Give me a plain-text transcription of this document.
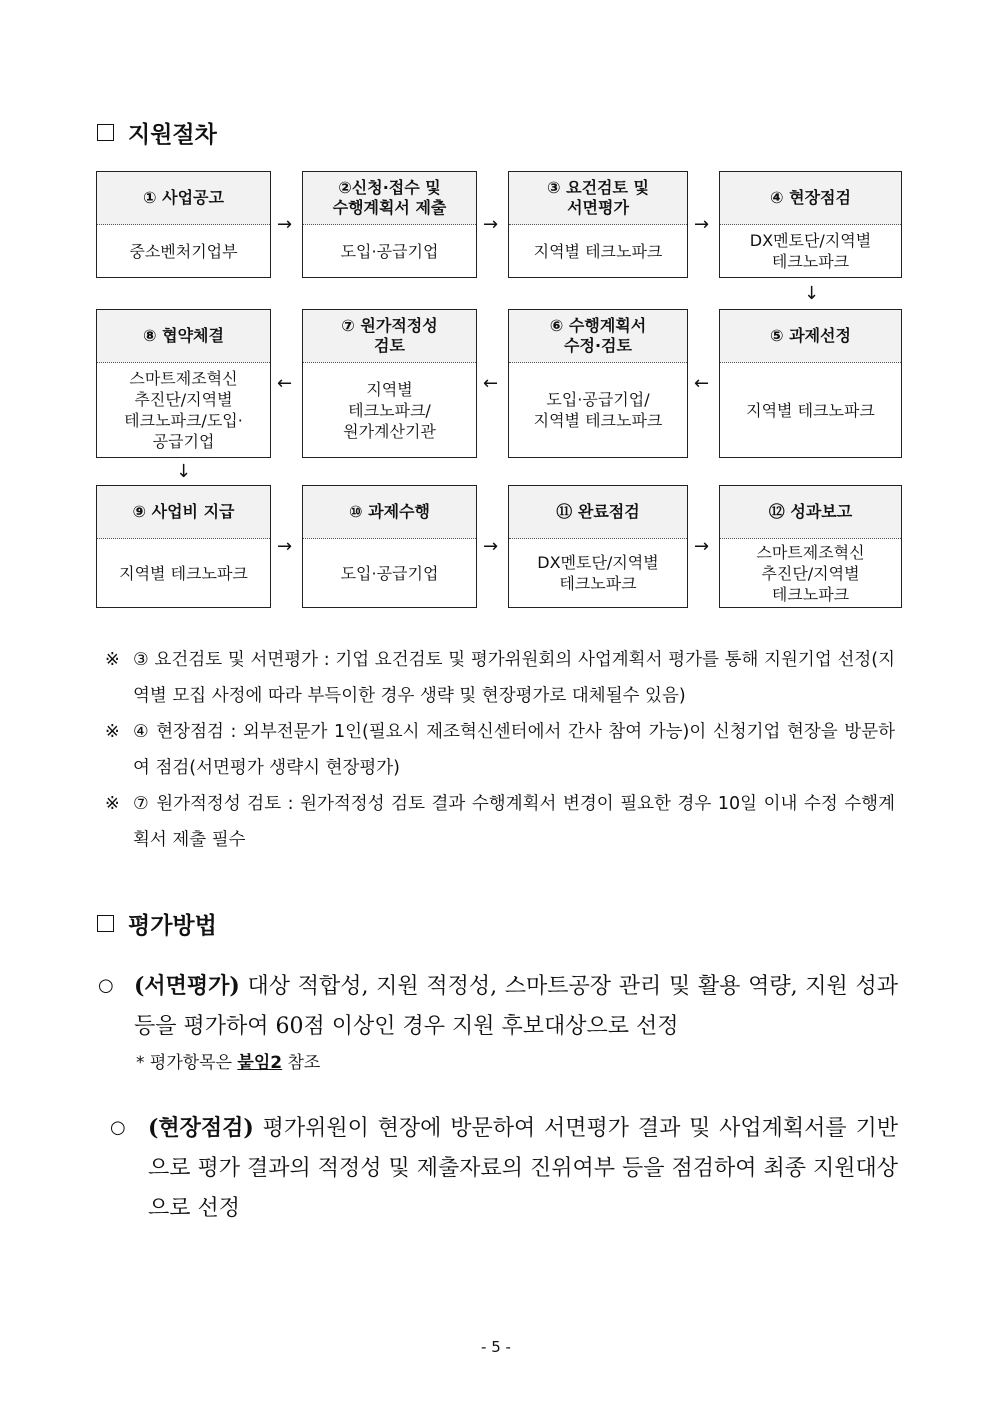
지원절차
① 사업공고
중소벤처기업부
②신청·접수 및
수행계획서 제출
도입·공급기업
③ 요건검토 및
서면평가
지역별 테크노파크
④ 현장점검
DX멘토단/지역별
테크노파크
→	→	→
↓
⑧ 협약체결
스마트제조혁신
추진단/지역별
테크노파크/도입·
공급기업
⑦ 원가적정성
검토
지역별
테크노파크/
원가계산기관
⑥ 수행계획서
수정·검토
도입·공급기업/
지역별 테크노파크
⑤ 과제선정
지역별 테크노파크
←	←	←
↓
⑨ 사업비 지급
지역별 테크노파크
⑩ 과제수행
도입·공급기업
⑪ 완료점검
DX멘토단/지역별
테크노파크
⑫ 성과보고
스마트제조혁신
추진단/지역별
테크노파크
→	→	→
※ ③ 요건검토 및 서면평가 : 기업 요건검토 및 평가위원회의 사업계획서 평가를 통해 지원기업 선정(지역별 모집 사정에 따라 부득이한 경우 생략 및 현장평가로 대체될수 있음)
※ ④ 현장점검 : 외부전문가 1인(필요시 제조혁신센터에서 간사 참여 가능)이 신청기업 현장을 방문하여 점검(서면평가 생략시 현장평가)
※ ⑦ 원가적정성 검토 : 원가적정성 검토 결과 수행계획서 변경이 필요한 경우 10일 이내 수정 수행계획서 제출 필수
평가방법
○ (서면평가) 대상 적합성, 지원 적정성, 스마트공장 관리 및 활용 역량, 지원 성과 등을 평가하여 60점 이상인 경우 지원 후보대상으로 선정
* 평가항목은 붙임2 참조
○ (현장점검) 평가위원이 현장에 방문하여 서면평가 결과 및 사업계획서를 기반으로 평가 결과의 적정성 및 제출자료의 진위여부 등을 점검하여 최종 지원대상으로 선정
- 5 -
